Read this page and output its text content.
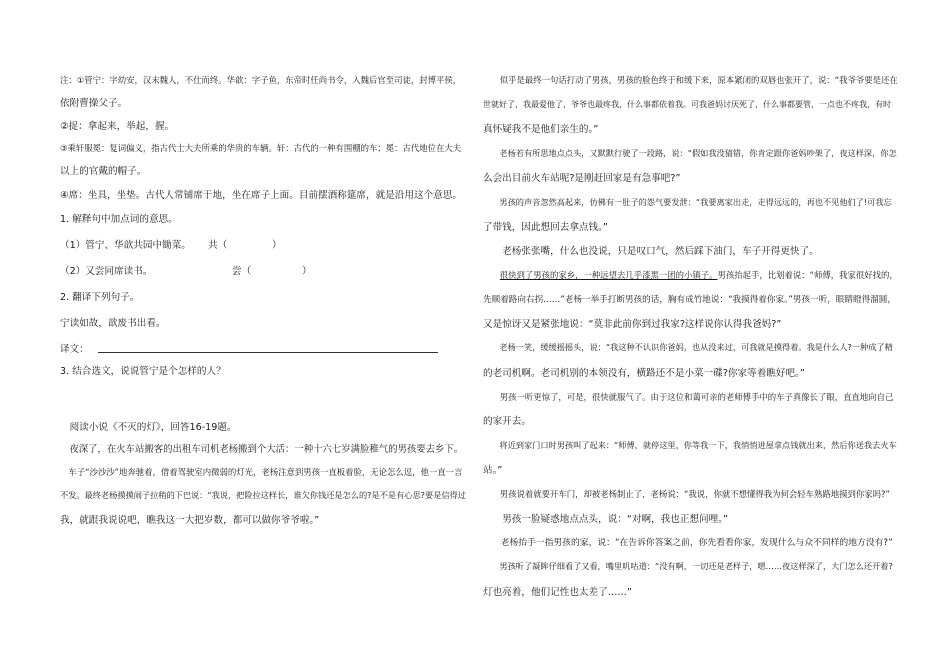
注：①管宁：字幼安，汉末魏人，不仕而终。华歆：字子鱼，东帝时任尚书令，入魏后官至司徒，封博平侯，
依附曹操父子。
②捉：拿起来，举起，握。
③乘轩服冕：复词偏义，指古代士大夫所乘的华贵的车辆。轩：古代的一种有围棚的车；冕：古代地位在大夫
以上的官戴的帽子。
④席：坐具，坐垫。古代人常铺席于地，坐在席子上面。目前摆酒称筵席，就是沿用这个意思。
1. 解释句中加点词的意思。
（1）管宁、华歆共园中锄菜。 共（	）
（2）又尝同席读书。	尝（	）
2. 翻译下列句子。
宁读如故，歆废书出看。
译文：
3. 结合选文，说说管宁是个怎样的人？
阅读小说《不灭的灯》，回答16-19题。
夜深了，在火车站搬客的出租车司机老杨搬到个大活：一种十六七岁满脸稚气的男孩要去乡下。
车子“沙沙沙”地奔驰着，借着驾驶室内微弱的灯光，老杨注意到男孩一直板着脸，无论怎么逗，他一直一言
不发。最终老杨摸摸闹子拉稍的下巴说：“我说，把险拉这样长，谁欠你钱还是怎么的?是不是有心思?要是信得过
我，就跟我说说吧，瞧我这一大把岁数，都可以做你爷爷啦。”
似乎是最终一句话打动了男孩，男孩的脸色终于和缓下来，原本紧闭的双唇也张开了，说：“我爷爷要是还在
世就好了，我最爱他了，爷爷也最疼我，什么事都依着我。可我爸妈讨厌死了，什么事都要管，一点也不疼我，有时
真怀疑我不是他们亲生的。”
老杨若有所思地点点头，又默默行驶了一段路，说：“假如我没猜错，你肯定跟你爸妈吵架了，夜这样深，你怎
么会出目前火车站呢?是刚赶回家是有急事吧?”
男孩的声音忽然高起来，仿佛有一肚子的怨气要发泄：“我要离家出走，走得远远的，再也不见他们了!可我忘
了带钱，因此想回去拿点钱。”
老杨张张嘴，什么也没说，只是叹口气，然后踩下油门，车子开得更快了。
很快到了男孩的家乡，一种远望去几乎漆黑一团的小镇子。男孩抬起手，比划着说：“师傅，我家很好找的，
先顺着路向右拐……”老杨一举手打断男孩的话，胸有成竹地说：“我摸得着你家。”男孩一听，眼睛瞪得溜圆，
又是惊讶又是紧张地说：“莫非此前你到过我家?这样说你认得我爸妈?”
老杨一笑，缓缓摇摇头，说：“我这种不认识你爸妈，也从没来过，可我就是摸得着。我是什么人?一种成了精
的老司机啊。老司机别的本领没有，横路还不是小菜一碟?你家等着瞧好吧。”
男孩一听更惊了，可是，很快就服气了。由于这位和蔼可亲的老师傅手中的车子真像长了眼，直直地向自己
的家开去。
将近到家门口时男孩叫了起来：“师傅，就停这里，你等我一下，我悄悄进屋拿点钱就出来，然后你送我去火车
站。”
男孩说着就要开车门，却被老杨制止了，老杨说：“我说，你就不想懂得我为何会轻车熟路地摸到你家吗?”
男孩一脸疑惑地点点头，说：“对啊，我也正想问哩。”
老杨抬手一指男孩的家，说：“在告诉你答案之前，你先看看你家，发现什么与众不同样的地方没有?”
男孩听了凝眸仔细看了又看，嘴里叽咕道：“没有啊，一切还是老样子，嗯……夜这样深了，大门怎么还开着?
灯也亮着，他们记性也太差了……”
